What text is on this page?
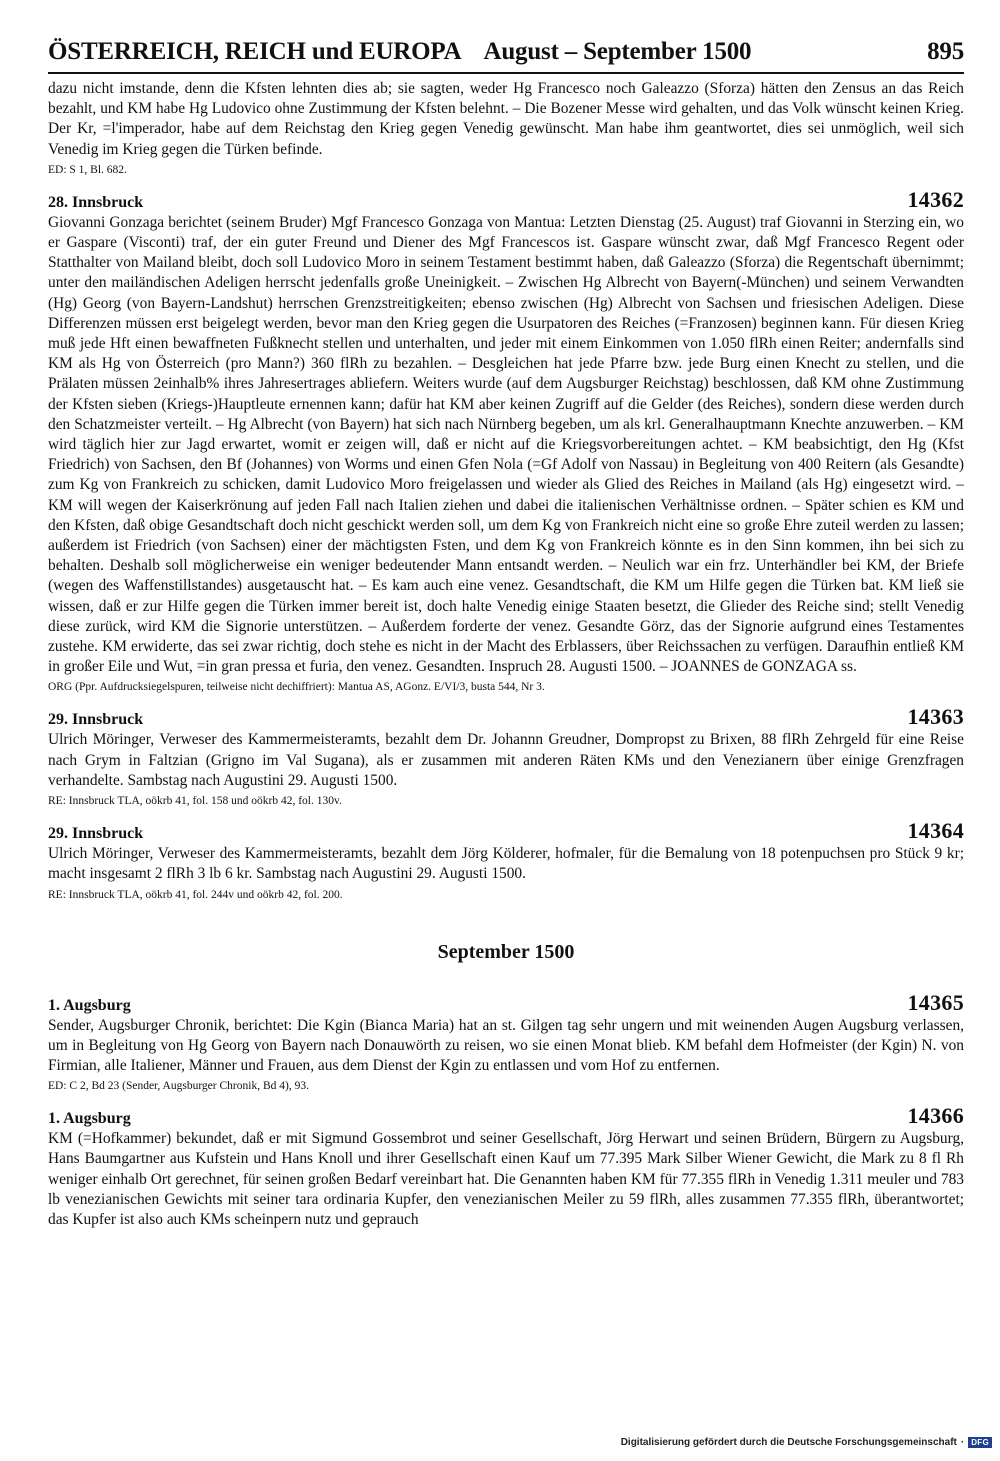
ÖSTERREICH, REICH und EUROPA August – September 1500	895

dazu nicht imstande, denn die Kfsten lehnten dies ab; sie sagten, weder Hg Francesco noch Galeazzo (Sforza) hätten den Zensus an das Reich bezahlt, und KM habe Hg Ludovico ohne Zustimmung der Kfsten belehnt. – Die Bozener Messe wird gehalten, und das Volk wünscht keinen Krieg. Der Kr, =l'imperador, habe auf dem Reichstag den Krieg gegen Venedig gewünscht. Man habe ihm geantwortet, dies sei unmöglich, weil sich Venedig im Krieg gegen die Türken befinde.

ED: S 1, Bl. 682.

28. Innsbruck	14362

Giovanni Gonzaga berichtet (seinem Bruder) Mgf Francesco Gonzaga von Mantua: Letzten Dienstag (25. August) traf Giovanni in Sterzing ein, wo er Gaspare (Visconti) traf, der ein guter Freund und Diener des Mgf Francescos ist. Gaspare wünscht zwar, daß Mgf Francesco Regent oder Statthalter von Mailand bleibt, doch soll Ludovico Moro in seinem Testament bestimmt haben, daß Galeazzo (Sforza) die Regentschaft übernimmt; unter den mailändischen Adeligen herrscht jedenfalls große Uneinigkeit. – Zwischen Hg Albrecht von Bayern(-München) und seinem Verwandten (Hg) Georg (von Bayern-Landshut) herrschen Grenzstreitigkeiten; ebenso zwischen (Hg) Albrecht von Sachsen und friesischen Adeligen. Diese Differenzen müssen erst beigelegt werden, bevor man den Krieg gegen die Usurpatoren des Reiches (=Franzosen) beginnen kann. Für diesen Krieg muß jede Hft einen bewaffneten Fußknecht stellen und unterhalten, und jeder mit einem Einkommen von 1.050 flRh einen Reiter; andernfalls sind KM als Hg von Österreich (pro Mann?) 360 flRh zu bezahlen. – Desgleichen hat jede Pfarre bzw. jede Burg einen Knecht zu stellen, und die Prälaten müssen 2einhalb% ihres Jahresertrages abliefern. Weiters wurde (auf dem Augsburger Reichstag) beschlossen, daß KM ohne Zustimmung der Kfsten sieben (Kriegs-)Hauptleute ernennen kann; dafür hat KM aber keinen Zugriff auf die Gelder (des Reiches), sondern diese werden durch den Schatzmeister verteilt. – Hg Albrecht (von Bayern) hat sich nach Nürnberg begeben, um als krl. Generalhauptmann Knechte anzuwerben. – KM wird täglich hier zur Jagd erwartet, womit er zeigen will, daß er nicht auf die Kriegsvorbereitungen achtet. – KM beabsichtigt, den Hg (Kfst Friedrich) von Sachsen, den Bf (Johannes) von Worms und einen Gfen Nola (=Gf Adolf von Nassau) in Begleitung von 400 Reitern (als Gesandte) zum Kg von Frankreich zu schicken, damit Ludovico Moro freigelassen und wieder als Glied des Reiches in Mailand (als Hg) eingesetzt wird. – KM will wegen der Kaiserkrönung auf jeden Fall nach Italien ziehen und dabei die italienischen Verhältnisse ordnen. – Später schien es KM und den Kfsten, daß obige Gesandtschaft doch nicht geschickt werden soll, um dem Kg von Frankreich nicht eine so große Ehre zuteil werden zu lassen; außerdem ist Friedrich (von Sachsen) einer der mächtigsten Fsten, und dem Kg von Frankreich könnte es in den Sinn kommen, ihn bei sich zu behalten. Deshalb soll möglicherweise ein weniger bedeutender Mann entsandt werden. – Neulich war ein frz. Unterhändler bei KM, der Briefe (wegen des Waffenstillstandes) ausgetauscht hat. – Es kam auch eine venez. Gesandtschaft, die KM um Hilfe gegen die Türken bat. KM ließ sie wissen, daß er zur Hilfe gegen die Türken immer bereit ist, doch halte Venedig einige Staaten besetzt, die Glieder des Reiche sind; stellt Venedig diese zurück, wird KM die Signorie unterstützen. – Außerdem forderte der venez. Gesandte Görz, das der Signorie aufgrund eines Testamentes zustehe. KM erwiderte, das sei zwar richtig, doch stehe es nicht in der Macht des Erblassers, über Reichssachen zu verfügen. Daraufhin entließ KM in großer Eile und Wut, =in gran pressa et furia, den venez. Gesandten. Inspruch 28. Augusti 1500. – JOANNES de GONZAGA ss.

ORG (Ppr. Aufdrucksiegelspuren, teilweise nicht dechiffriert): Mantua AS, AGonz. E/VI/3, busta 544, Nr 3.

29. Innsbruck	14363

Ulrich Möringer, Verweser des Kammermeisteramts, bezahlt dem Dr. Johannn Greudner, Dompropst zu Brixen, 88 flRh Zehrgeld für eine Reise nach Grym in Faltzian (Grigno im Val Sugana), als er zusammen mit anderen Räten KMs und den Venezianern über einige Grenzfragen verhandelte. Sambstag nach Augustini 29. Augusti 1500.

RE: Innsbruck TLA, oökrb 41, fol. 158 und oökrb 42, fol. 130v.

29. Innsbruck	14364

Ulrich Möringer, Verweser des Kammermeisteramts, bezahlt dem Jörg Kölderer, hofmaler, für die Bemalung von 18 potenpuchsen pro Stück 9 kr; macht insgesamt 2 flRh 3 lb 6 kr. Sambstag nach Augustini 29. Augusti 1500.

RE: Innsbruck TLA, oökrb 41, fol. 244v und oökrb 42, fol. 200.

September 1500
1. Augsburg	14365

Sender, Augsburger Chronik, berichtet: Die Kgin (Bianca Maria) hat an st. Gilgen tag sehr ungern und mit weinenden Augen Augsburg verlassen, um in Begleitung von Hg Georg von Bayern nach Donauwörth zu reisen, wo sie einen Monat blieb. KM befahl dem Hofmeister (der Kgin) N. von Firmian, alle Italiener, Männer und Frauen, aus dem Dienst der Kgin zu entlassen und vom Hof zu entfernen.

ED: C 2, Bd 23 (Sender, Augsburger Chronik, Bd 4), 93.

1. Augsburg	14366

KM (=Hofkammer) bekundet, daß er mit Sigmund Gossembrot und seiner Gesellschaft, Jörg Herwart und seinen Brüdern, Bürgern zu Augsburg, Hans Baumgartner aus Kufstein und Hans Knoll und ihrer Gesellschaft einen Kauf um 77.395 Mark Silber Wiener Gewicht, die Mark zu 8 fl Rh weniger einhalb Ort gerechnet, für seinen großen Bedarf vereinbart hat. Die Genannten haben KM für 77.355 flRh in Venedig 1.311 meuler und 783 lb venezianischen Gewichts mit seiner tara ordinaria Kupfer, den venezianischen Meiler zu 59 flRh, alles zusammen 77.355 flRh, überantwortet; das Kupfer ist also auch KMs scheinpern nutz und geprauch

Digitalisierung gefördert durch die Deutsche Forschungsgemeinschaft · DFG
